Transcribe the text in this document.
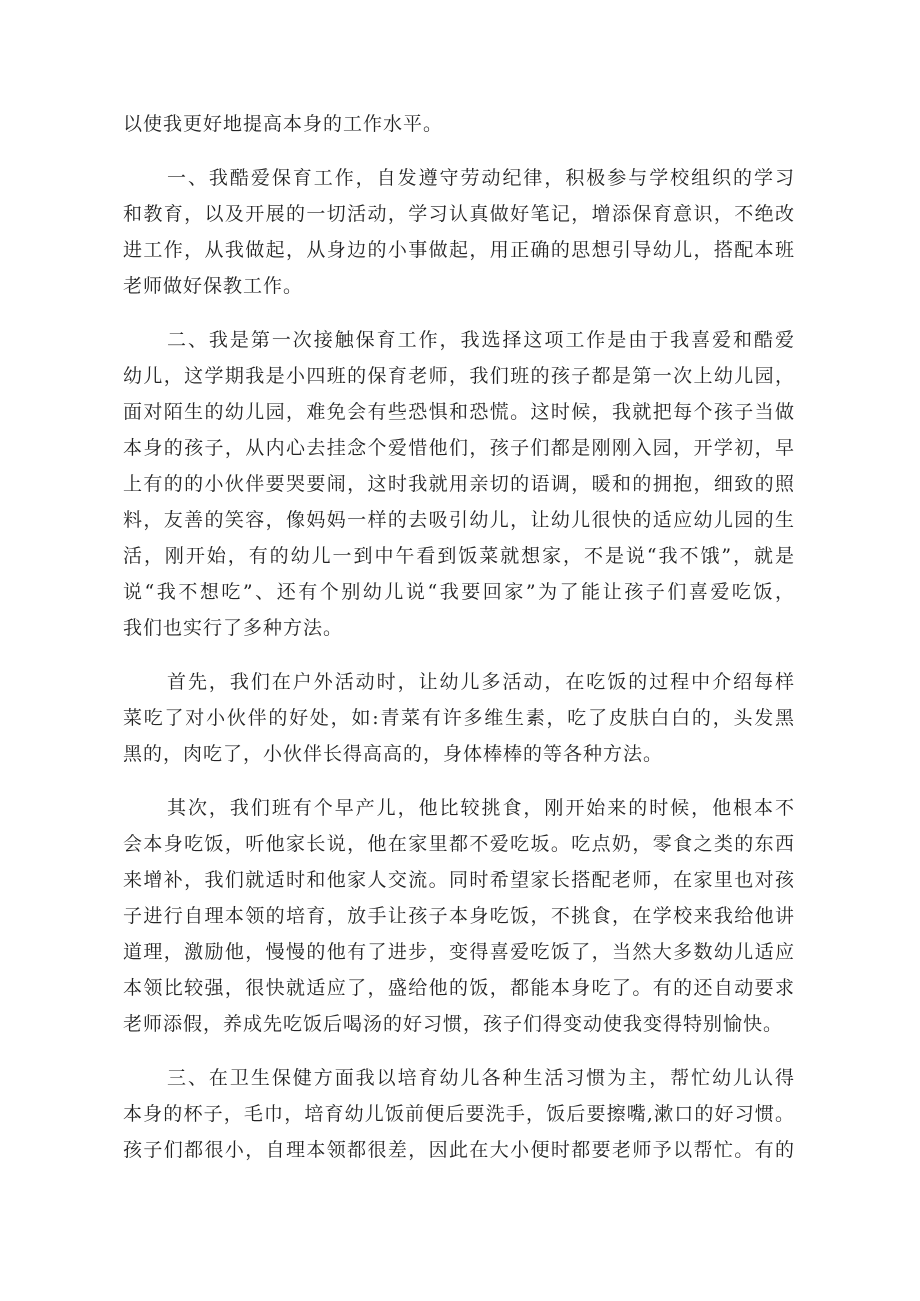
以使我更好地提高本身的工作水平。
一、我酷爱保育工作，自发遵守劳动纪律，积极参与学校组织的学习
和教育，以及开展的一切活动，学习认真做好笔记，增添保育意识，不绝改
进工作，从我做起，从身边的小事做起，用正确的思想引导幼儿，搭配本班
老师做好保教工作。
二、我是第一次接触保育工作，我选择这项工作是由于我喜爱和酷爱
幼儿，这学期我是小四班的保育老师，我们班的孩子都是第一次上幼儿园，
面对陌生的幼儿园，难免会有些恐惧和恐慌。这时候，我就把每个孩子当做
本身的孩子，从内心去挂念个爱惜他们，孩子们都是刚刚入园，开学初，早
上有的的小伙伴要哭要闹，这时我就用亲切的语调，暖和的拥抱，细致的照
料，友善的笑容，像妈妈一样的去吸引幼儿，让幼儿很快的适应幼儿园的生
活，刚开始，有的幼儿一到中午看到饭菜就想家，不是说“我不饿”，就是
说“我不想吃”、还有个别幼儿说“我要回家”为了能让孩子们喜爱吃饭，
我们也实行了多种方法。
首先，我们在户外活动时，让幼儿多活动，在吃饭的过程中介绍每样
菜吃了对小伙伴的好处，如:青菜有许多维生素，吃了皮肤白白的，头发黑
黑的，肉吃了，小伙伴长得高高的，身体棒棒的等各种方法。
其次，我们班有个早产儿，他比较挑食，刚开始来的时候，他根本不
会本身吃饭，听他家长说，他在家里都不爱吃坂。吃点奶，零食之类的东西
来增补，我们就适时和他家人交流。同时希望家长搭配老师，在家里也对孩
子进行自理本领的培育，放手让孩子本身吃饭，不挑食，在学校来我给他讲
道理，激励他，慢慢的他有了进步，变得喜爱吃饭了，当然大多数幼儿适应
本领比较强，很快就适应了，盛给他的饭，都能本身吃了。有的还自动要求
老师添假，养成先吃饭后喝汤的好习惯，孩子们得变动使我变得特别愉快。
三、在卫生保健方面我以培育幼儿各种生活习惯为主，帮忙幼儿认得
本身的杯子，毛巾，培育幼儿饭前便后要洗手，饭后要擦嘴,漱口的好习惯。
孩子们都很小，自理本领都很差，因此在大小便时都要老师予以帮忙。有的
